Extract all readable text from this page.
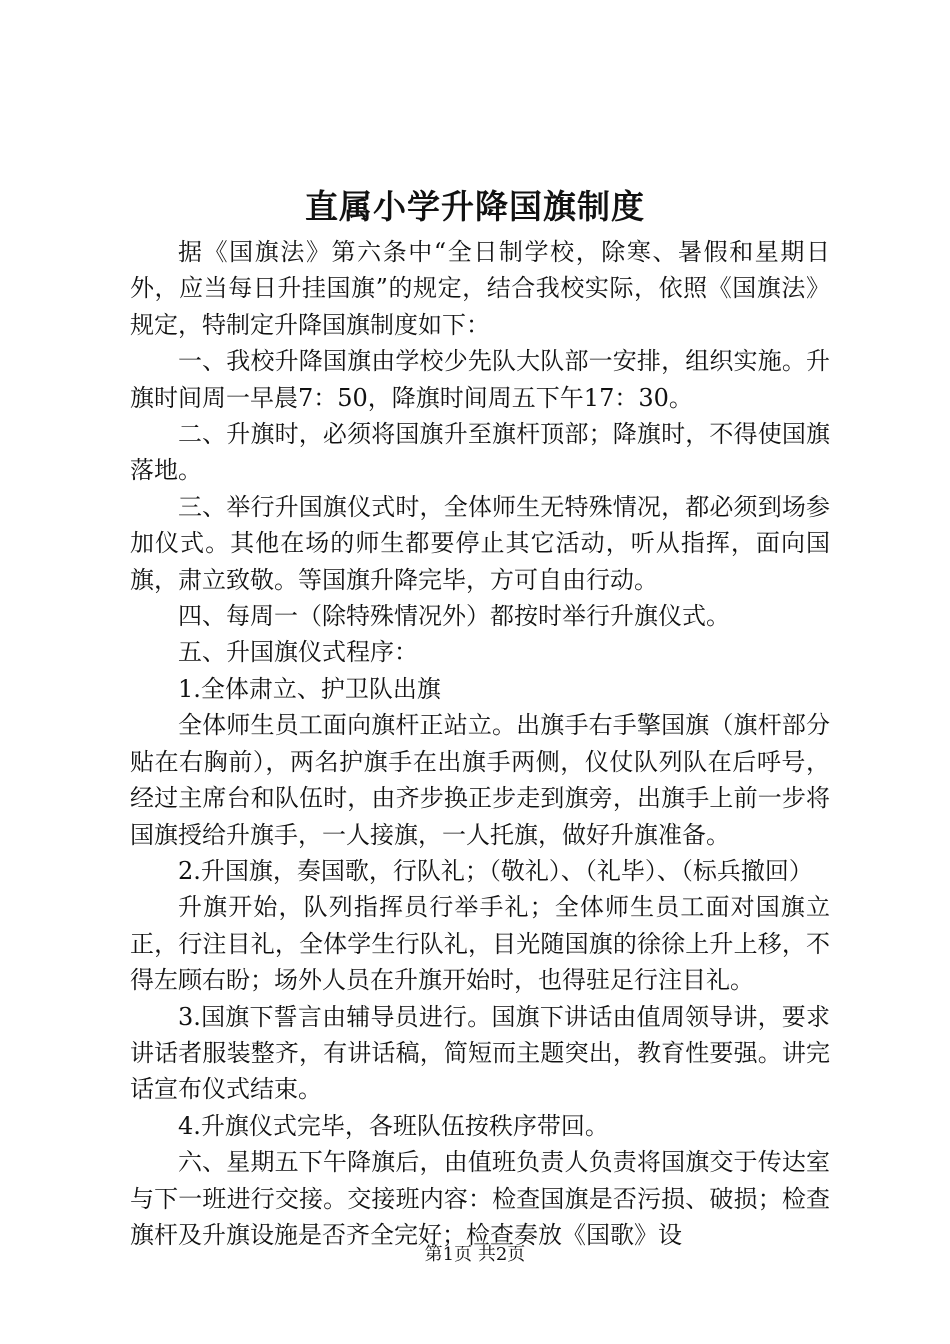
直属小学升降国旗制度

据《国旗法》第六条中“全日制学校，除寒、暑假和星期日外，应当每日升挂国旗”的规定，结合我校实际，依照《国旗法》规定，特制定升降国旗制度如下：

一、我校升降国旗由学校少先队大队部一安排，组织实施。升旗时间周一早晨7：50，降旗时间周五下午17：30。

二、升旗时，必须将国旗升至旗杆顶部；降旗时，不得使国旗落地。

三、举行升国旗仪式时，全体师生无特殊情况，都必须到场参加仪式。其他在场的师生都要停止其它活动，听从指挥，面向国旗，肃立致敬。等国旗升降完毕，方可自由行动。

四、每周一（除特殊情况外）都按时举行升旗仪式。

五、升国旗仪式程序：

1.全体肃立、护卫队出旗

全体师生员工面向旗杆正站立。出旗手右手擎国旗（旗杆部分贴在右胸前），两名护旗手在出旗手两侧，仪仗队列队在后呼号，经过主席台和队伍时，由齐步换正步走到旗旁，出旗手上前一步将国旗授给升旗手，一人接旗，一人托旗，做好升旗准备。

2.升国旗，奏国歌，行队礼；（敬礼）、（礼毕）、（标兵撤回）

升旗开始，队列指挥员行举手礼；全体师生员工面对国旗立正，行注目礼，全体学生行队礼，目光随国旗的徐徐上升上移，不得左顾右盼；场外人员在升旗开始时，也得驻足行注目礼。

3.国旗下誓言由辅导员进行。国旗下讲话由值周领导讲，要求讲话者服装整齐，有讲话稿，简短而主题突出，教育性要强。讲完话宣布仪式结束。

4.升旗仪式完毕，各班队伍按秩序带回。

六、星期五下午降旗后，由值班负责人负责将国旗交于传达室与下一班进行交接。交接班内容：检查国旗是否污损、破损；检查旗杆及升旗设施是否齐全完好；检查奏放《国歌》设

第1页 共2页
